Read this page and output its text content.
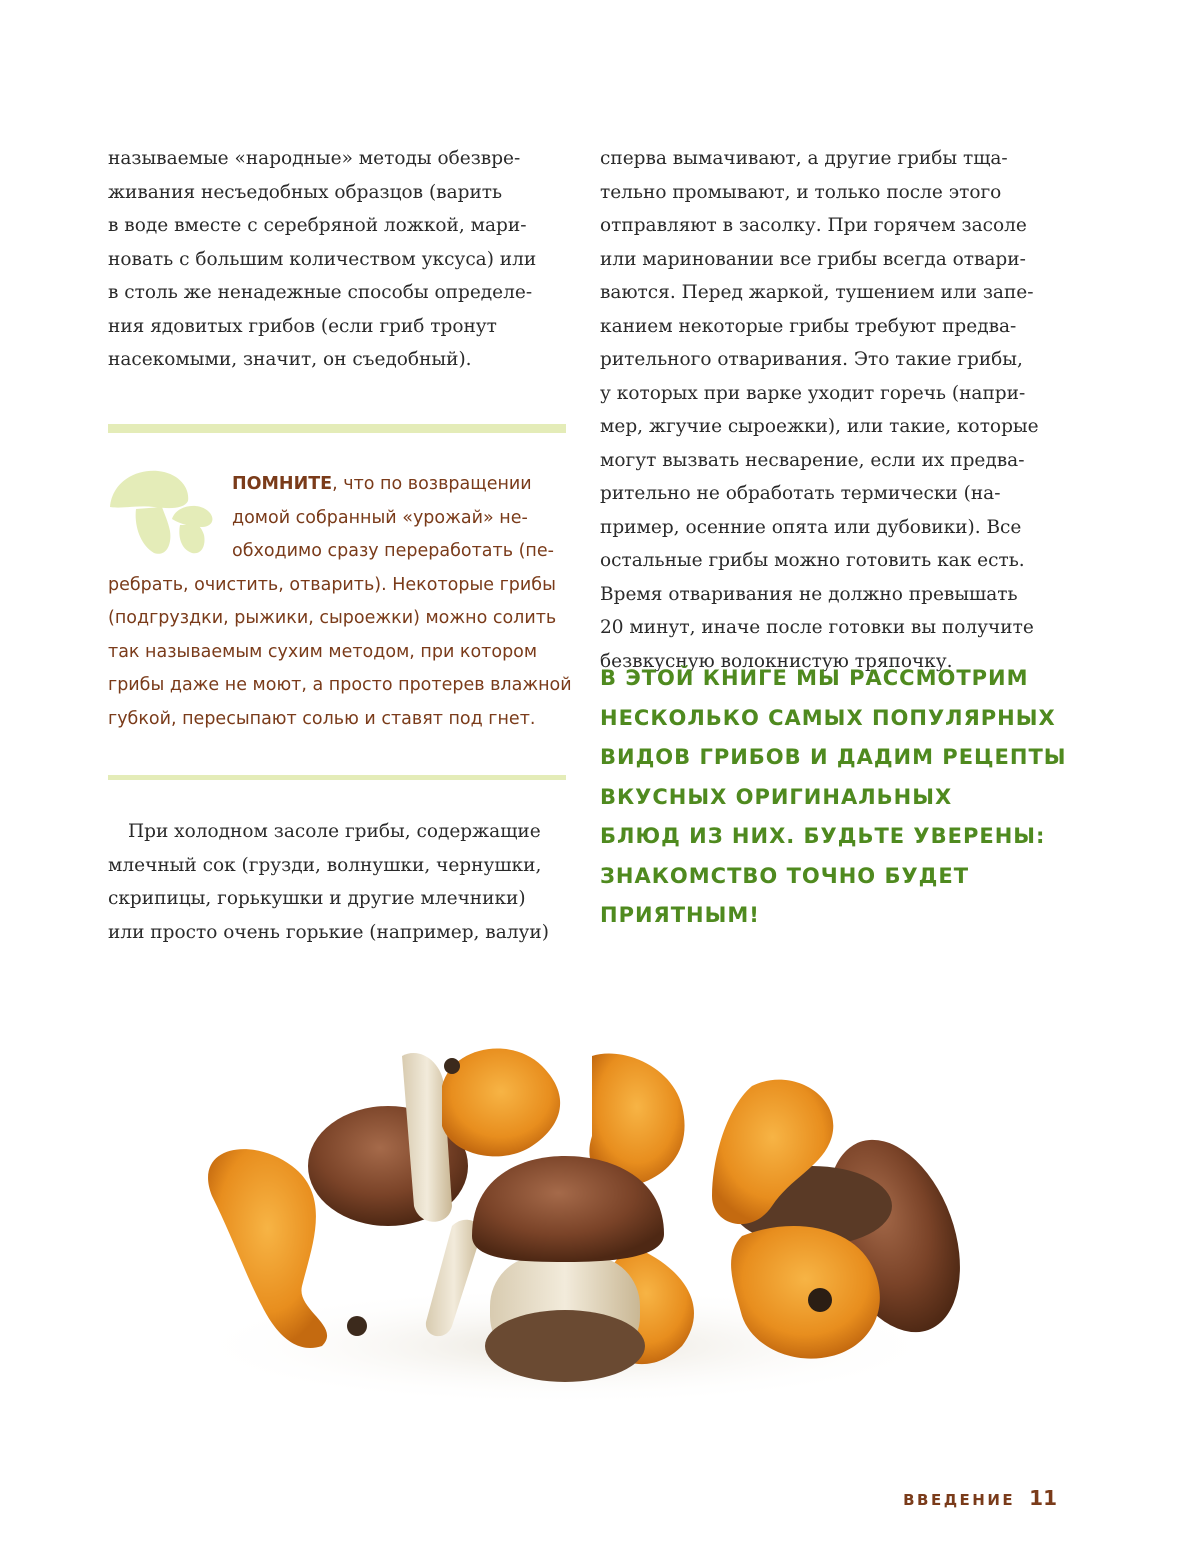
называемые «народные» методы обезвре-
живания несъедобных образцов (варить
в воде вместе с серебряной ложкой, мари-
новать с большим количеством уксуса) или
в столь же ненадежные способы определе-
ния ядовитых грибов (если гриб тронут
насекомыми, значит, он съедобный).

ПОМНИТЕ, что по возвращении
домой собранный «урожай» не-
обходимо сразу переработать (пе-
ребрать, очистить, отварить). Некоторые грибы
(подгруздки, рыжики, сыроежки) можно солить
так называемым сухим методом, при котором
грибы даже не моют, а просто протерев влажной
губкой, пересыпают солью и ставят под гнет.

При холодном засоле грибы, содержащие
млечный сок (грузди, волнушки, чернушки,
скрипицы, горькушки и другие млечники)
или просто очень горькие (например, валуи)

сперва вымачивают, а другие грибы тща-
тельно промывают, и только после этого
отправляют в засолку. При горячем засоле
или мариновании все грибы всегда отвари-
ваются. Перед жаркой, тушением или запе-
канием некоторые грибы требуют предва-
рительного отваривания. Это такие грибы,
у которых при варке уходит горечь (напри-
мер, жгучие сыроежки), или такие, которые
могут вызвать несварение, если их предва-
рительно не обработать термически (на-
пример, осенние опята или дубовики). Все
остальные грибы можно готовить как есть.
Время отваривания не должно превышать
20 минут, иначе после готовки вы получите
безвкусную волокнистую тряпочку.

В ЭТОЙ КНИГЕ МЫ РАССМОТРИМ
НЕСКОЛЬКО САМЫХ ПОПУЛЯРНЫХ
ВИДОВ ГРИБОВ И ДАДИМ РЕЦЕПТЫ
ВКУСНЫХ ОРИГИНАЛЬНЫХ
БЛЮД ИЗ НИХ. БУДЬТЕ УВЕРЕНЫ:
ЗНАКОМСТВО ТОЧНО БУДЕТ
ПРИЯТНЫМ!

ВВЕДЕНИЕ 11
